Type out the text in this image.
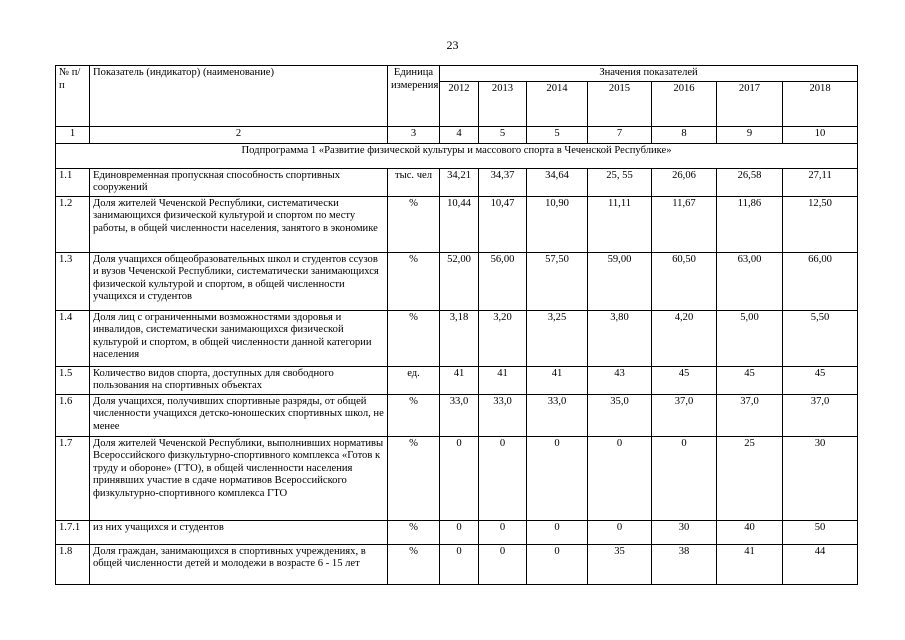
23
№ п/п	Показатель (индикатор) (наименование)	Единица измерения	Значения показателей						
			2012	2013	2014	2015	2016	2017	2018
1	2	3	4	5	5	7	8	9	10
Подпрограмма 1 «Развитие физической культуры и массового спорта в Чеченской Республике»									
1.1	Единовременная пропускная способность спортивных сооружений	тыс. чел	34,21	34,37	34,64	25, 55	26,06	26,58	27,11
1.2	Доля жителей Чеченской Республики, систематически занимающихся физической культурой и спортом по месту работы, в общей численности населения, занятого в экономике	%	10,44	10,47	10,90	11,11	11,67	11,86	12,50
1.3	Доля учащихся общеобразовательных школ и студентов ссузов и вузов Чеченской Республики, систематически занимающихся физической культурой и спортом, в общей численности учащихся и студентов	%	52,00	56,00	57,50	59,00	60,50	63,00	66,00
1.4	Доля лиц с ограниченными возможностями здоровья и инвалидов, систематически занимающихся физической культурой и спортом, в общей численности данной категории населения	%	3,18	3,20	3,25	3,80	4,20	5,00	5,50
1.5	Количество видов спорта, доступных для свободного пользования на спортивных объектах	ед.	41	41	41	43	45	45	45
1.6	Доля учащихся, получивших спортивные разряды, от общей численности учащихся детско-юношеских спортивных школ, не менее	%	33,0	33,0	33,0	35,0	37,0	37,0	37,0
1.7	Доля жителей Чеченской Республики, выполнивших нормативы Всероссийского физкультурно-спортивного комплекса «Готов к труду и обороне» (ГТО), в общей численности населения принявших участие в сдаче нормативов Всероссийского физкультурно-спортивного комплекса ГТО	%	0	0	0	0	0	25	30
1.7.1	из них учащихся и студентов	%	0	0	0	0	30	40	50
1.8	Доля граждан, занимающихся в спортивных учреждениях, в общей численности детей и молодежи в возрасте 6 - 15 лет	%	0	0	0	35	38	41	44
